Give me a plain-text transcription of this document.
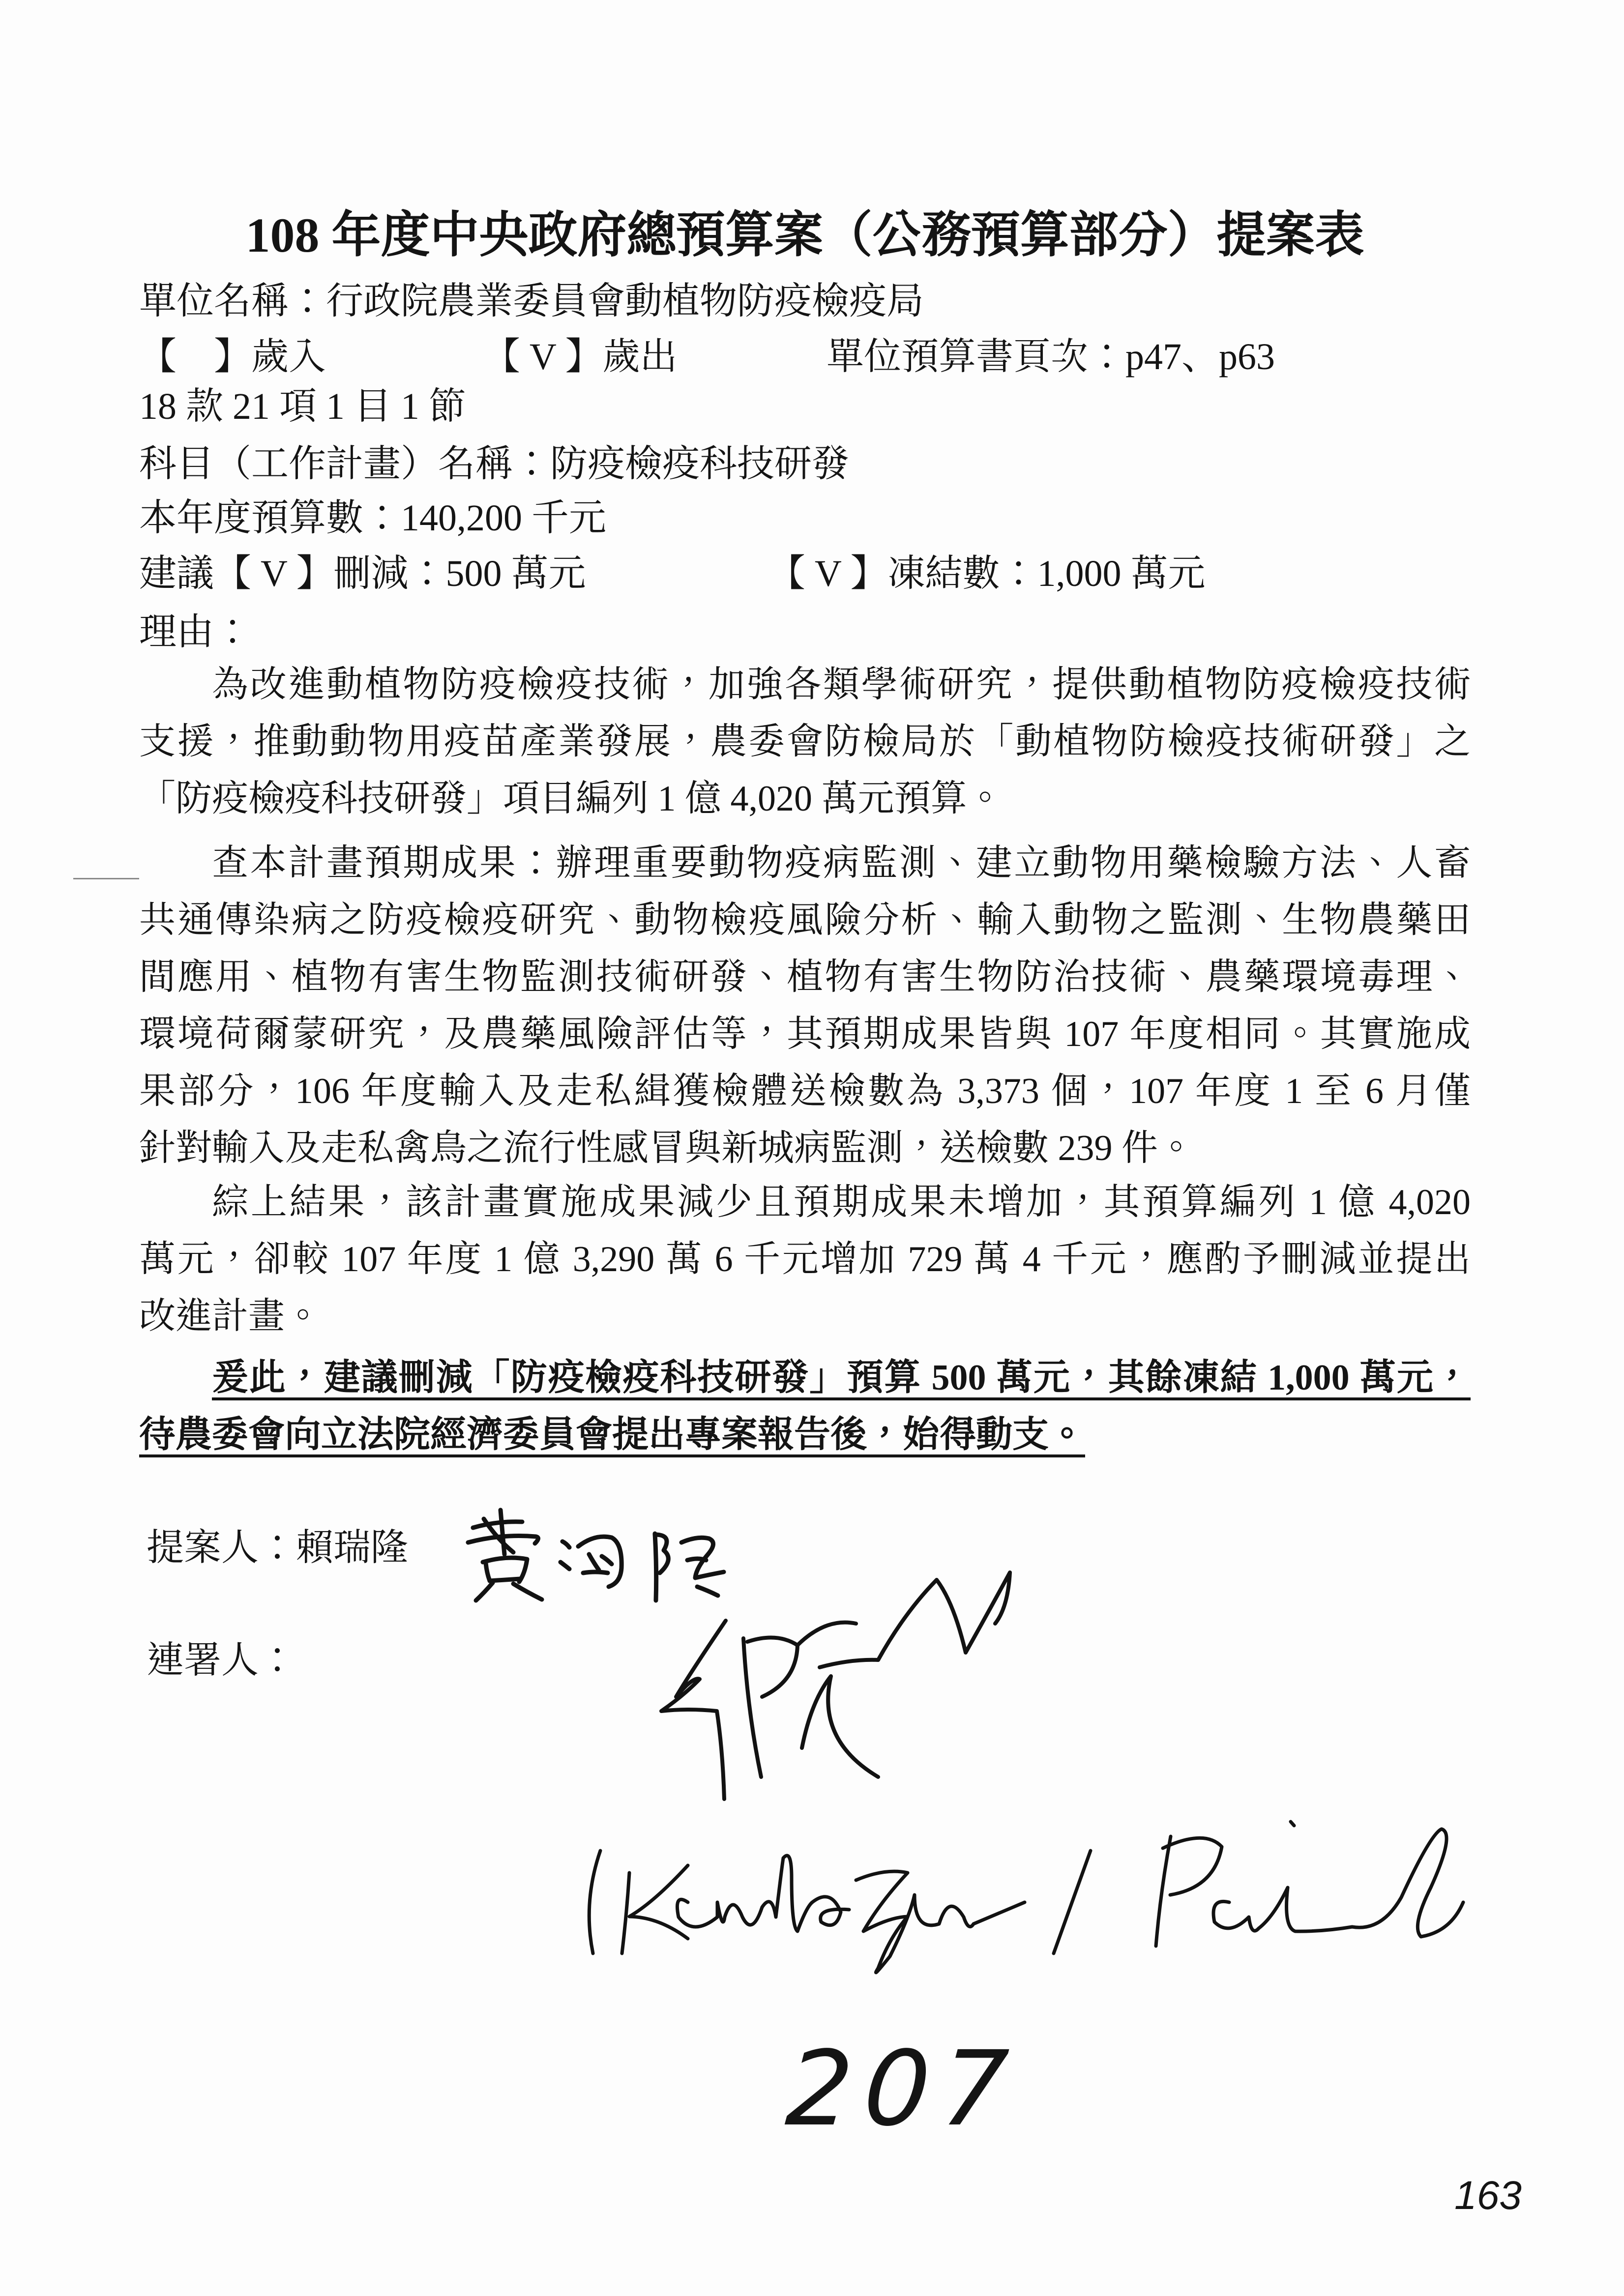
108 年度中央政府總預算案（公務預算部分）提案表
單位名稱：行政院農業委員會動植物防疫檢疫局
【　】歲入	【 V 】歲出	單位預算書頁次：p47、p63
18 款 21 項 1 目 1 節
科目（工作計畫）名稱：防疫檢疫科技研發
本年度預算數：140,200 千元
建議【 V 】刪減：500 萬元	【 V 】凍結數：1,000 萬元
理由：
為改進動植物防疫檢疫技術，加強各類學術研究，提供動植物防疫檢疫技術
支援，推動動物用疫苗產業發展，農委會防檢局於「動植物防檢疫技術研發」之
「防疫檢疫科技研發」項目編列 1 億 4,020 萬元預算。
查本計畫預期成果：辦理重要動物疫病監測、建立動物用藥檢驗方法、人畜
共通傳染病之防疫檢疫研究、動物檢疫風險分析、輸入動物之監測、生物農藥田
間應用、植物有害生物監測技術研發、植物有害生物防治技術、農藥環境毒理、
環境荷爾蒙研究，及農藥風險評估等，其預期成果皆與 107 年度相同。其實施成
果部分，106 年度輸入及走私緝獲檢體送檢數為 3,373 個，107 年度 1 至 6 月僅
針對輸入及走私禽鳥之流行性感冒與新城病監測，送檢數 239 件。
綜上結果，該計畫實施成果減少且預期成果未增加，其預算編列 1 億 4,020
萬元，卻較 107 年度 1 億 3,290 萬 6 千元增加 729 萬 4 千元，應酌予刪減並提出
改進計畫。
爰此，建議刪減「防疫檢疫科技研發」預算 500 萬元，其餘凍結 1,000 萬元，
待農委會向立法院經濟委員會提出專案報告後，始得動支。
提案人：賴瑞隆
連署人：
207
163
